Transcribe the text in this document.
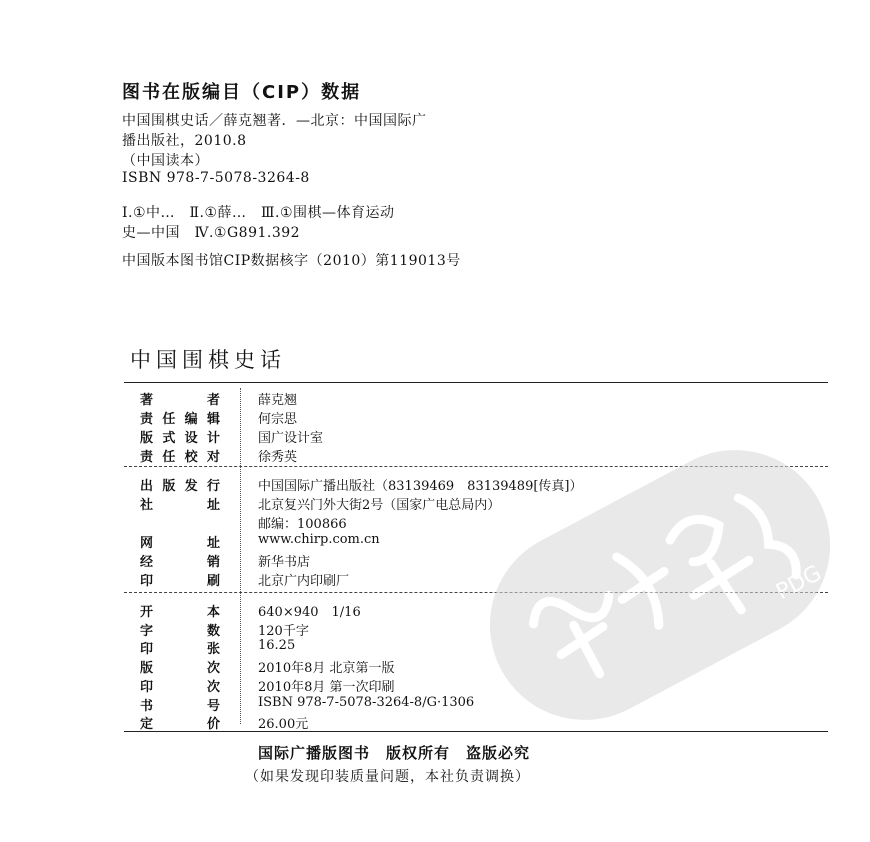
图书在版编目（CIP）数据
中国围棋史话／薛克翘著．—北京：中国国际广
播出版社，2010.8
（中国读本）
ISBN 978-7-5078-3264-8
Ⅰ.①中…　Ⅱ.①薛…　Ⅲ.①围棋—体育运动
史—中国　Ⅳ.①G891.392
中国版本图书馆CIP数据核字（2010）第119013号
中国围棋史话
著	者	薛克翘
责 任 编 辑	何宗思
版 式 设 计	国广设计室
责 任 校 对	徐秀英
出 版 发 行	中国国际广播出版社（83139469　83139489[传真]）
社	址	北京复兴门外大街2号（国家广电总局内）
邮编：100866
网	址	www.chirp.com.cn
经	销	新华书店
印	刷	北京广内印刷厂
开	本	640×940　1/16
字	数	120千字
印	张	16.25
版	次	2010年8月 北京第一版
印	次	2010年8月 第一次印刷
书	号	ISBN 978-7-5078-3264-8/G·1306
定	价	26.00元
国际广播版图书　版权所有　盗版必究
（如果发现印装质量问题，本社负责调换）
PDG
